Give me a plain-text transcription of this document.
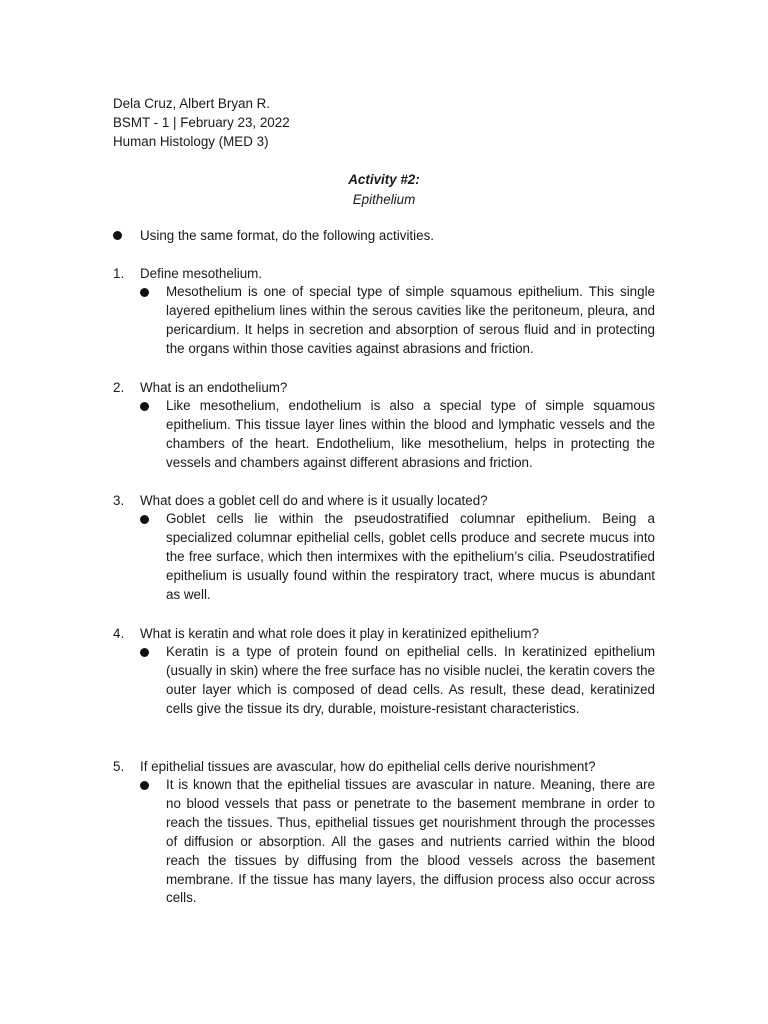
Dela Cruz, Albert Bryan R.
BSMT - 1 | February 23, 2022
Human Histology (MED 3)
Activity #2:
Epithelium
Using the same format, do the following activities.
1. Define mesothelium.
Mesothelium is one of special type of simple squamous epithelium. This single layered epithelium lines within the serous cavities like the peritoneum, pleura, and pericardium. It helps in secretion and absorption of serous fluid and in protecting the organs within those cavities against abrasions and friction.
2. What is an endothelium?
Like mesothelium, endothelium is also a special type of simple squamous epithelium. This tissue layer lines within the blood and lymphatic vessels and the chambers of the heart. Endothelium, like mesothelium, helps in protecting the vessels and chambers against different abrasions and friction.
3. What does a goblet cell do and where is it usually located?
Goblet cells lie within the pseudostratified columnar epithelium. Being a specialized columnar epithelial cells, goblet cells produce and secrete mucus into the free surface, which then intermixes with the epithelium’s cilia. Pseudostratified epithelium is usually found within the respiratory tract, where mucus is abundant as well.
4. What is keratin and what role does it play in keratinized epithelium?
Keratin is a type of protein found on epithelial cells. In keratinized epithelium (usually in skin) where the free surface has no visible nuclei, the keratin covers the outer layer which is composed of dead cells. As result, these dead, keratinized cells give the tissue its dry, durable, moisture-resistant characteristics.
5. If epithelial tissues are avascular, how do epithelial cells derive nourishment?
It is known that the epithelial tissues are avascular in nature. Meaning, there are no blood vessels that pass or penetrate to the basement membrane in order to reach the tissues. Thus, epithelial tissues get nourishment through the processes of diffusion or absorption. All the gases and nutrients carried within the blood reach the tissues by diffusing from the blood vessels across the basement membrane. If the tissue has many layers, the diffusion process also occur across cells.
